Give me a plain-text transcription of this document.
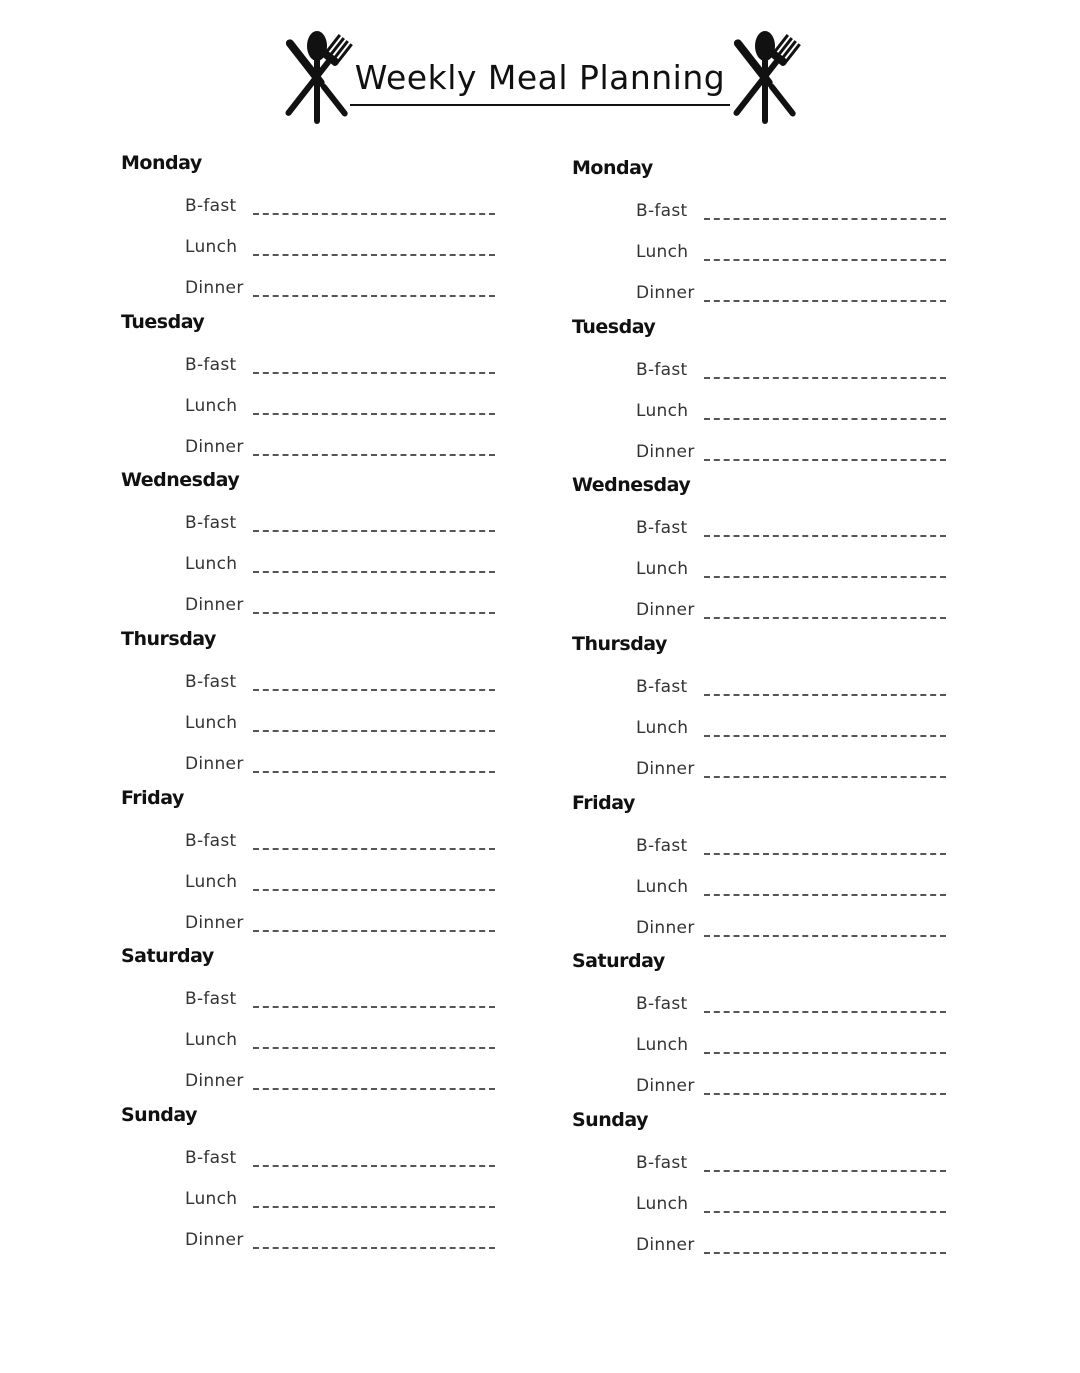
Weekly Meal Planning
Monday
B-fast
Lunch
Dinner
Tuesday
B-fast
Lunch
Dinner
Wednesday
B-fast
Lunch
Dinner
Thursday
B-fast
Lunch
Dinner
Friday
B-fast
Lunch
Dinner
Saturday
B-fast
Lunch
Dinner
Sunday
B-fast
Lunch
Dinner
Monday
B-fast
Lunch
Dinner
Tuesday
B-fast
Lunch
Dinner
Wednesday
B-fast
Lunch
Dinner
Thursday
B-fast
Lunch
Dinner
Friday
B-fast
Lunch
Dinner
Saturday
B-fast
Lunch
Dinner
Sunday
B-fast
Lunch
Dinner
